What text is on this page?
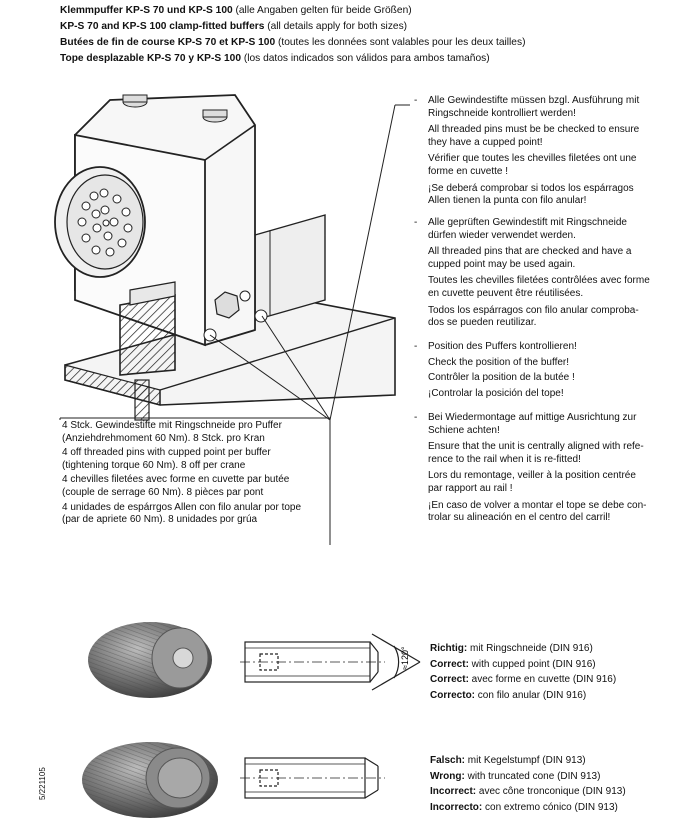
Klemmpuffer KP-S 70 und KP-S 100 (alle Angaben gelten für beide Größen)
KP-S 70 and KP-S 100 clamp-fitted buffers (all details apply for both sizes)
Butées de fin de course KP-S 70 et KP-S 100 (toutes les données sont valables pour les deux tailles)
Tope desplazable KP-S 70 y KP-S 100 (los datos indicados son válidos para ambos tamaños)
- Alle Gewindestifte müssen bzgl. Ausführung mit
Ringschneide kontrolliert werden!

All threaded pins must be be checked to ensure
they have a cupped point!

Vérifier que toutes les chevilles filetées ont une
forme en cuvette !

¡Se deberá comprobar si todos los espárragos
Allen tienen la punta con filo anular!

- Alle geprüften Gewindestift mit Ringschneide
dürfen wieder verwendet werden.

All threaded pins that are checked and have a
cupped point may be used again.

Toutes les chevilles filetées contrôlées avec forme
en cuvette peuvent être réutilisées.

Todos los espárragos con filo anular comproba-
dos se pueden reutilizar.

- Position des Puffers kontrollieren!

Check the position of the buffer!

Contrôler la position de la butée !

¡Controlar la posición del tope!

- Bei Wiedermontage auf mittige Ausrichtung zur
Schiene achten!

Ensure that the unit is centrally aligned with refe-
rence to the rail when it is re-fitted!

Lors du remontage, veiller à la position centrée
par rapport au rail !

¡En caso de volver a montar el tope se debe con-
trolar su alineación en el centro del carril!

4 Stck. Gewindestifte mit Ringschneide pro Puffer
(Anziehdrehmoment 60 Nm). 8 Stck. pro Kran

4 off threaded pins with cupped point per buffer
(tightening torque 60 Nm). 8 off per crane

4 chevilles filetées avec forme en cuvette par butée
(couple de serrage 60 Nm). 8 pièces par pont

4 unidades de espárrgos Allen con filo anular por tope
(par de apriete 60 Nm). 8 unidades por grúa

≈120° Richtig: mit Ringschneide (DIN 916)
Correct: with cupped point (DIN 916)
Correct: avec forme en cuvette (DIN 916)
Correcto: con filo anular (DIN 916)
Falsch: mit Kegelstumpf (DIN 913)
Wrong: with truncated cone (DIN 913)
Incorrect: avec cône tronconique (DIN 913)
Incorrecto: con extremo cónico (DIN 913)
5/221105
